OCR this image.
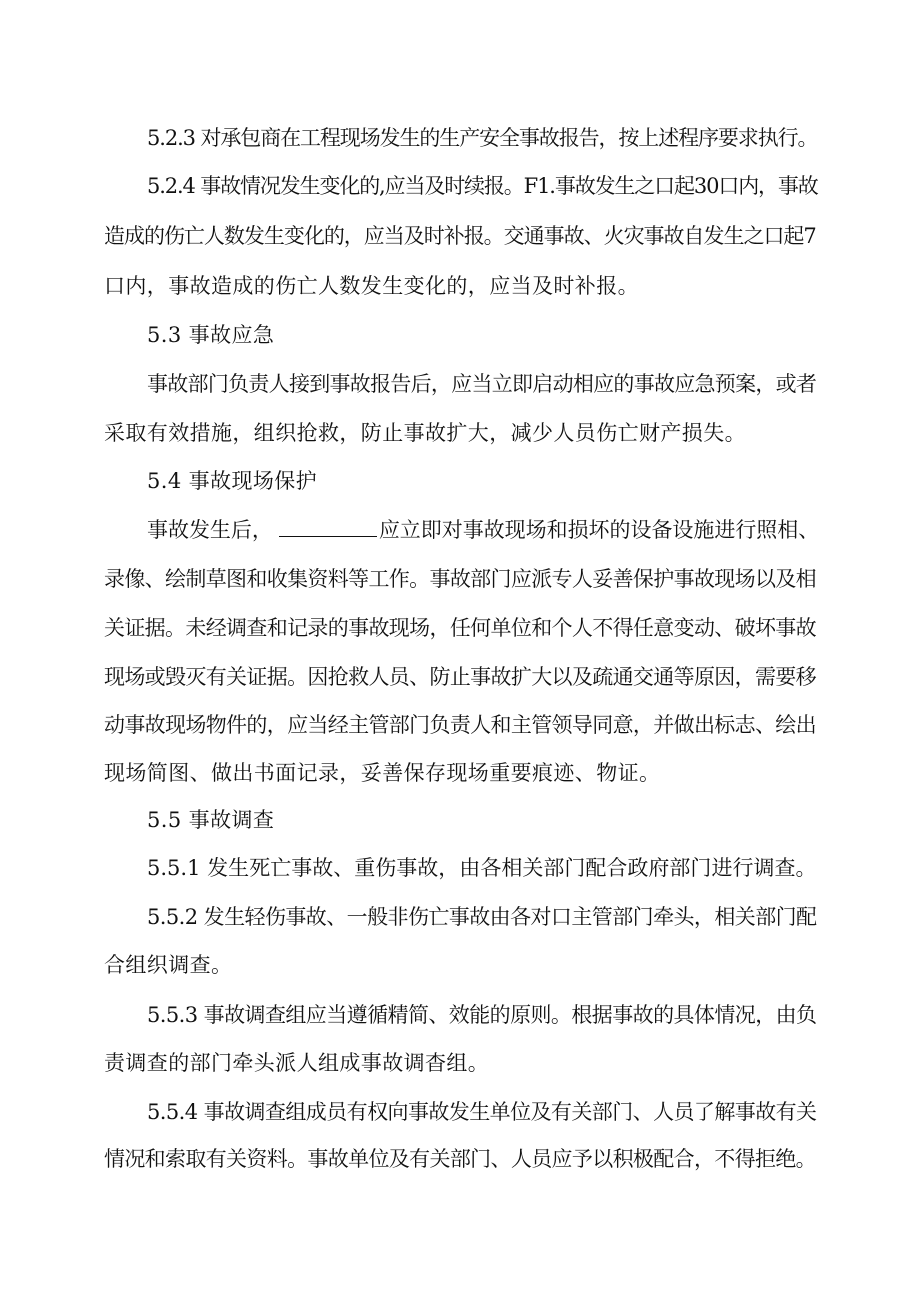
5.2.3 对承包商在工程现场发生的生产安全事故报告，按上述程序要求执行。

5.2.4 事故情况发生变化的,应当及时续报。F1.事故发生之口起30口内，事故

造成的伤亡人数发生变化的，应当及时补报。交通事故、火灾事故自发生之口起7

口内，事故造成的伤亡人数发生变化的，应当及时补报。

5.3 事故应急

事故部门负责人接到事故报告后，应当立即启动相应的事故应急预案，或者

采取有效措施，组织抢救，防止事故扩大，减少人员伤亡财产损失。

5.4 事故现场保护

事故发生后，	应立即对事故现场和损坏的设备设施进行照相、

录像、绘制草图和收集资料等工作。事故部门应派专人妥善保护事故现场以及相

关证据。未经调查和记录的事故现场，任何单位和个人不得任意变动、破坏事故

现场或毁灭有关证据。因抢救人员、防止事故扩大以及疏通交通等原因，需要移

动事故现场物件的，应当经主管部门负责人和主管领导同意，并做出标志、绘出

现场简图、做出书面记录，妥善保存现场重要痕迹、物证。

5.5 事故调查

5.5.1 发生死亡事故、重伤事故，由各相关部门配合政府部门进行调查。

5.5.2 发生轻伤事故、一般非伤亡事故由各对口主管部门牵头，相关部门配

合组织调查。

5.5.3 事故调查组应当遵循精简、效能的原则。根据事故的具体情况，由负

责调查的部门牵头派人组成事故调杳组。

5.5.4 事故调查组成员有权向事故发生单位及有关部门、人员了解事故有关

情况和索取有关资料。事故单位及有关部门、人员应予以积极配合，不得拒绝。
